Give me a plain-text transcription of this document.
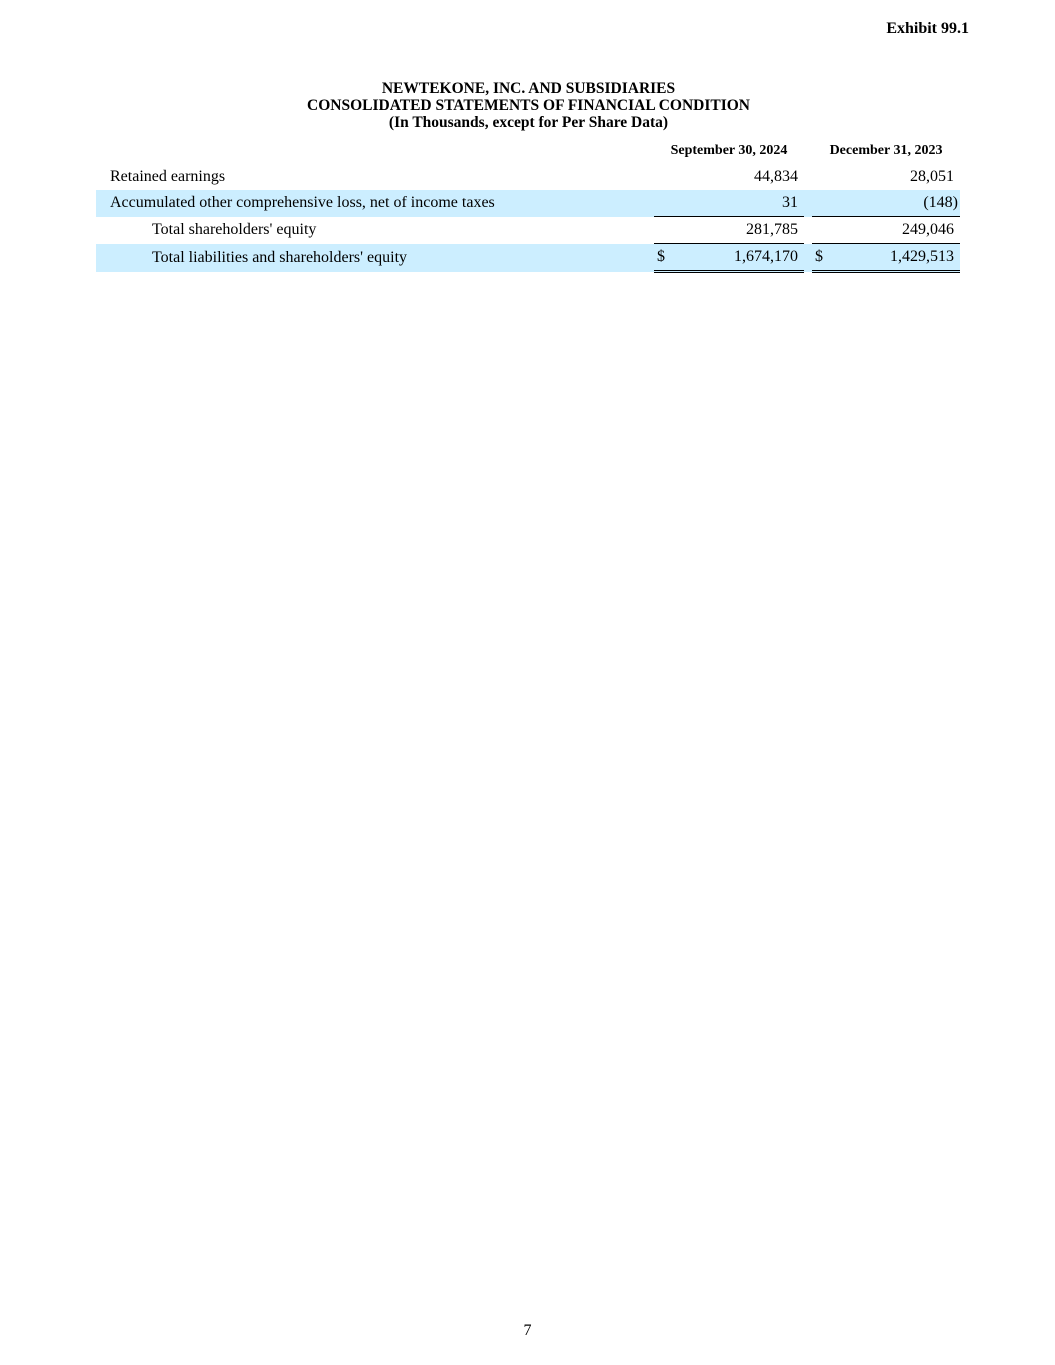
Exhibit 99.1
NEWTEKONE, INC. AND SUBSIDIARIES
CONSOLIDATED STATEMENTS OF FINANCIAL CONDITION
(In Thousands, except for Per Share Data)
		September 30, 2024			December 31, 2023	
Retained earnings			44,834			28,051
Accumulated other comprehensive loss, net of income taxes			31			(148)
Total shareholders' equity			281,785			249,046
Total liabilities and shareholders' equity		$	1,674,170		$	1,429,513
7
